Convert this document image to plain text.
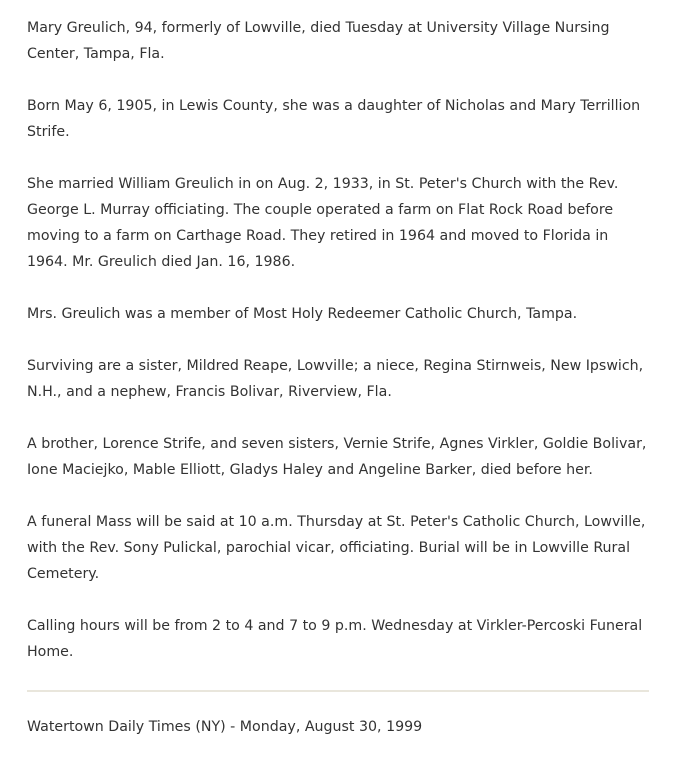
Mary Greulich, 94, formerly of Lowville, died Tuesday at University Village Nursing Center, Tampa, Fla.

Born May 6, 1905, in Lewis County, she was a daughter of Nicholas and Mary Terrillion Strife.

She married William Greulich in on Aug. 2, 1933, in St. Peter's Church with the Rev. George L. Murray officiating. The couple operated a farm on Flat Rock Road before moving to a farm on Carthage Road. They retired in 1964 and moved to Florida in 1964. Mr. Greulich died Jan. 16, 1986.

Mrs. Greulich was a member of Most Holy Redeemer Catholic Church, Tampa.

Surviving are a sister, Mildred Reape, Lowville; a niece, Regina Stirnweis, New Ipswich, N.H., and a nephew, Francis Bolivar, Riverview, Fla.

A brother, Lorence Strife, and seven sisters, Vernie Strife, Agnes Virkler, Goldie Bolivar, Ione Maciejko, Mable Elliott, Gladys Haley and Angeline Barker, died before her.

A funeral Mass will be said at 10 a.m. Thursday at St. Peter's Catholic Church, Lowville, with the Rev. Sony Pulickal, parochial vicar, officiating. Burial will be in Lowville Rural Cemetery.

Calling hours will be from 2 to 4 and 7 to 9 p.m. Wednesday at Virkler-Percoski Funeral Home.

Watertown Daily Times (NY) - Monday, August 30, 1999
